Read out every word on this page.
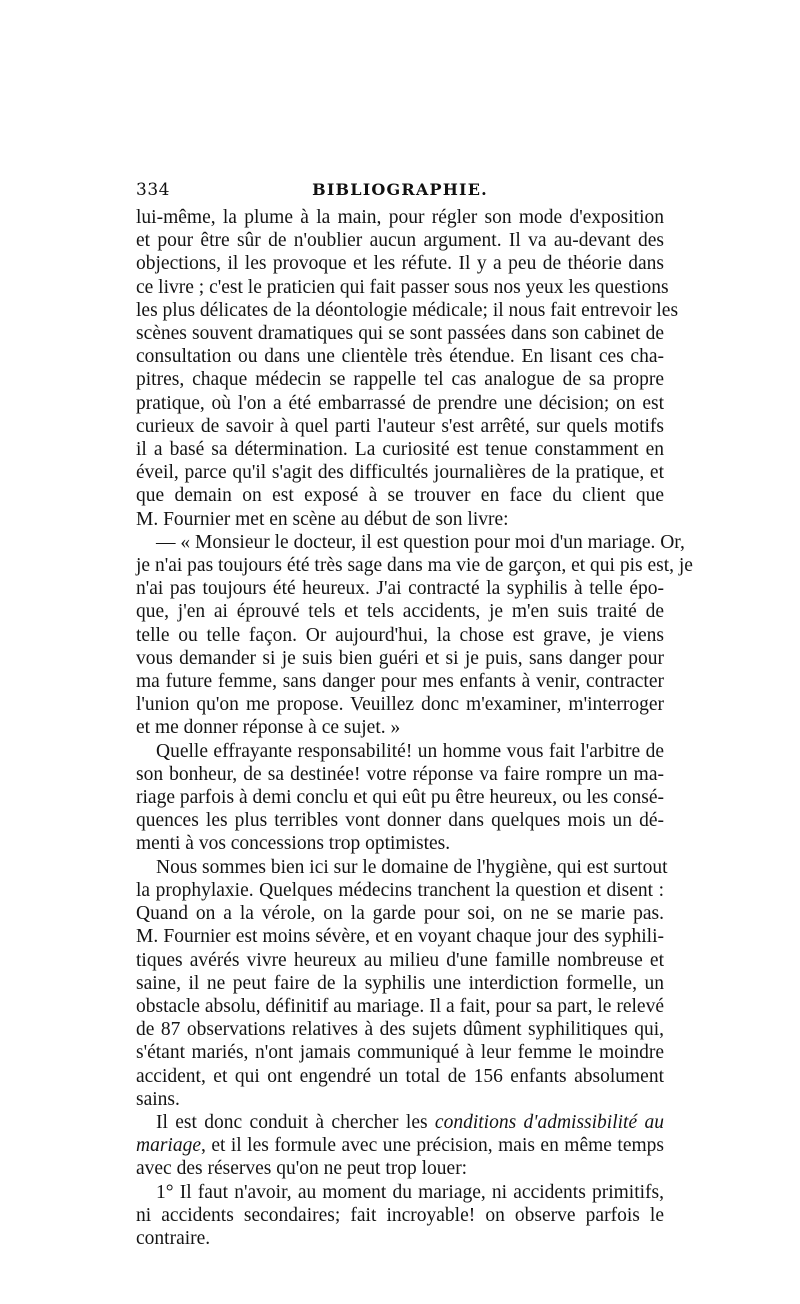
334	BIBLIOGRAPHIE.

lui-même, la plume à la main, pour régler son mode d'exposition
et pour être sûr de n'oublier aucun argument. Il va au-devant des
objections, il les provoque et les réfute. Il y a peu de théorie dans
ce livre ; c'est le praticien qui fait passer sous nos yeux les questions
les plus délicates de la déontologie médicale; il nous fait entrevoir les
scènes souvent dramatiques qui se sont passées dans son cabinet de
consultation ou dans une clientèle très étendue. En lisant ces cha-
pitres, chaque médecin se rappelle tel cas analogue de sa propre
pratique, où l'on a été embarrassé de prendre une décision; on est
curieux de savoir à quel parti l'auteur s'est arrêté, sur quels motifs
il a basé sa détermination. La curiosité est tenue constamment en
éveil, parce qu'il s'agit des difficultés journalières de la pratique, et
que demain on est exposé à se trouver en face du client que
M. Fournier met en scène au début de son livre:

— « Monsieur le docteur, il est question pour moi d'un mariage. Or,
je n'ai pas toujours été très sage dans ma vie de garçon, et qui pis est, je
n'ai pas toujours été heureux. J'ai contracté la syphilis à telle épo-
que, j'en ai éprouvé tels et tels accidents, je m'en suis traité de
telle ou telle façon. Or aujourd'hui, la chose est grave, je viens
vous demander si je suis bien guéri et si je puis, sans danger pour
ma future femme, sans danger pour mes enfants à venir, contracter
l'union qu'on me propose. Veuillez donc m'examiner, m'interroger
et me donner réponse à ce sujet. »

Quelle effrayante responsabilité! un homme vous fait l'arbitre de
son bonheur, de sa destinée! votre réponse va faire rompre un ma-
riage parfois à demi conclu et qui eût pu être heureux, ou les consé-
quences les plus terribles vont donner dans quelques mois un dé-
menti à vos concessions trop optimistes.

Nous sommes bien ici sur le domaine de l'hygiène, qui est surtout
la prophylaxie. Quelques médecins tranchent la question et disent :
Quand on a la vérole, on la garde pour soi, on ne se marie pas.
M. Fournier est moins sévère, et en voyant chaque jour des syphili-
tiques avérés vivre heureux au milieu d'une famille nombreuse et
saine, il ne peut faire de la syphilis une interdiction formelle, un
obstacle absolu, définitif au mariage. Il a fait, pour sa part, le relevé
de 87 observations relatives à des sujets dûment syphilitiques qui,
s'étant mariés, n'ont jamais communiqué à leur femme le moindre
accident, et qui ont engendré un total de 156 enfants absolument
sains.

Il est donc conduit à chercher les conditions d'admissibilité au
mariage, et il les formule avec une précision, mais en même temps
avec des réserves qu'on ne peut trop louer:

1° Il faut n'avoir, au moment du mariage, ni accidents primitifs,
ni accidents secondaires; fait incroyable! on observe parfois le
contraire.
